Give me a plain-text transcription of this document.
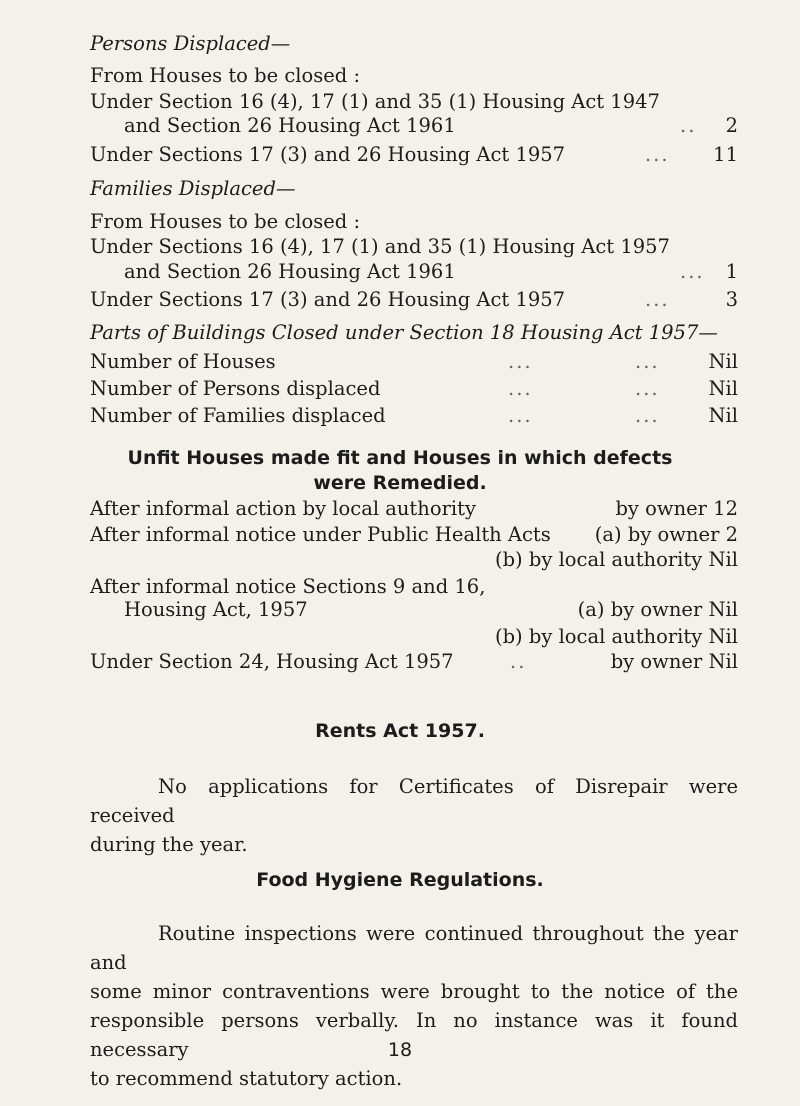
Persons Displaced—
From Houses to be closed :
Under Section 16 (4), 17 (1) and 35 (1) Housing Act 1947
and Section 26 Housing Act 1961	.. 2
Under Sections 17 (3) and 26 Housing Act 1957	... 11
Families Displaced—
From Houses to be closed :
Under Sections 16 (4), 17 (1) and 35 (1) Housing Act 1957
and Section 26 Housing Act 1961	... 1
Under Sections 17 (3) and 26 Housing Act 1957	...	3
Parts of Buildings Closed under Section 18 Housing Act 1957—
Number of Houses	...	...	Nil
Number of Persons displaced	...	...	Nil
Number of Families displaced	...	...	Nil
Unfit Houses made fit and Houses in which defects
were Remedied.
After informal action by local authority	by owner 12
After informal notice under Public Health Acts (a) by owner 2
(b) by local authority Nil
After informal notice Sections 9 and 16,
Housing Act, 1957	(a) by owner Nil
(b) by local authority Nil
Under Section 24, Housing Act 1957	..	by owner Nil
Rents Act 1957.
No applications for Certificates of Disrepair were received
during the year.
Food Hygiene Regulations.
Routine inspections were continued throughout the year and
some minor contraventions were brought to the notice of the
responsible persons verbally. In no instance was it found necessary
to recommend statutory action.
18
